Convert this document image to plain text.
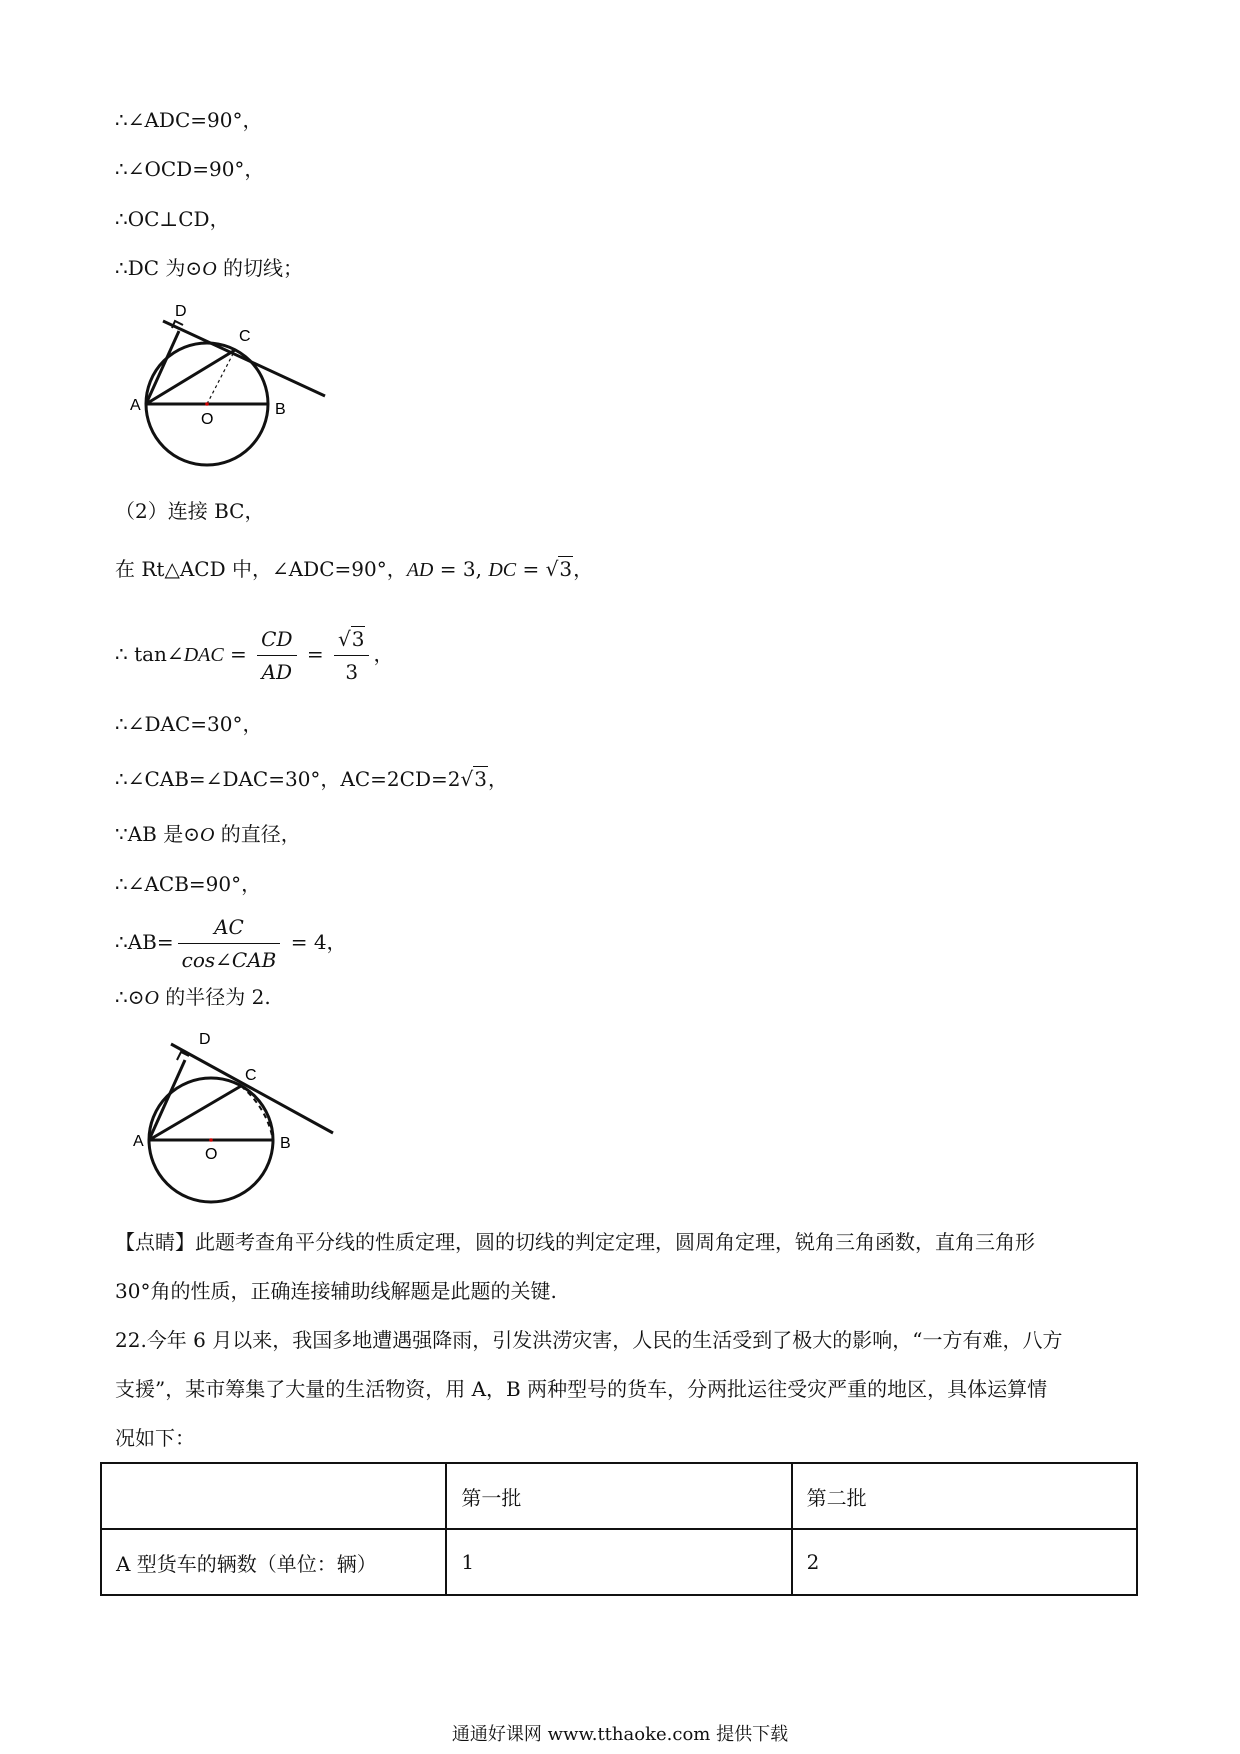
∴∠ADC=90°，
∴∠OCD=90°，
∴OC⊥CD，
∴DC 为⊙O 的切线；
D
C
A
O
B
（2）连接 BC，
在 Rt△ACD 中，∠ADC=90°，AD = 3, DC = √3，
∴ tan∠DAC = $\frac{CD}{AD} = \frac{√3}{3}$ ，
∴∠DAC=30°，
∴∠CAB=∠DAC=30°，AC=2CD=2√3，
∵AB 是⊙O 的直径，
∴∠ACB=90°，
∴AB= $\frac{AC}{\text{cos∠CAB}} = 4$，
∴⊙O 的半径为 2.
D
C
A
O
B
【点睛】此题考查角平分线的性质定理，圆的切线的判定定理，圆周角定理，锐角三角函数，直角三角形
30°角的性质，正确连接辅助线解题是此题的关键.
22.今年 6 月以来，我国多地遭遇强降雨，引发洪涝灾害，人民的生活受到了极大的影响，“一方有难，八方
支援”，某市筹集了大量的生活物资，用 A，B 两种型号的货车，分两批运往受灾严重的地区，具体运算情
况如下：
	第一批	第二批
A 型货车的辆数（单位：辆）	1	2
通通好课网 www.tthaoke.com 提供下载
